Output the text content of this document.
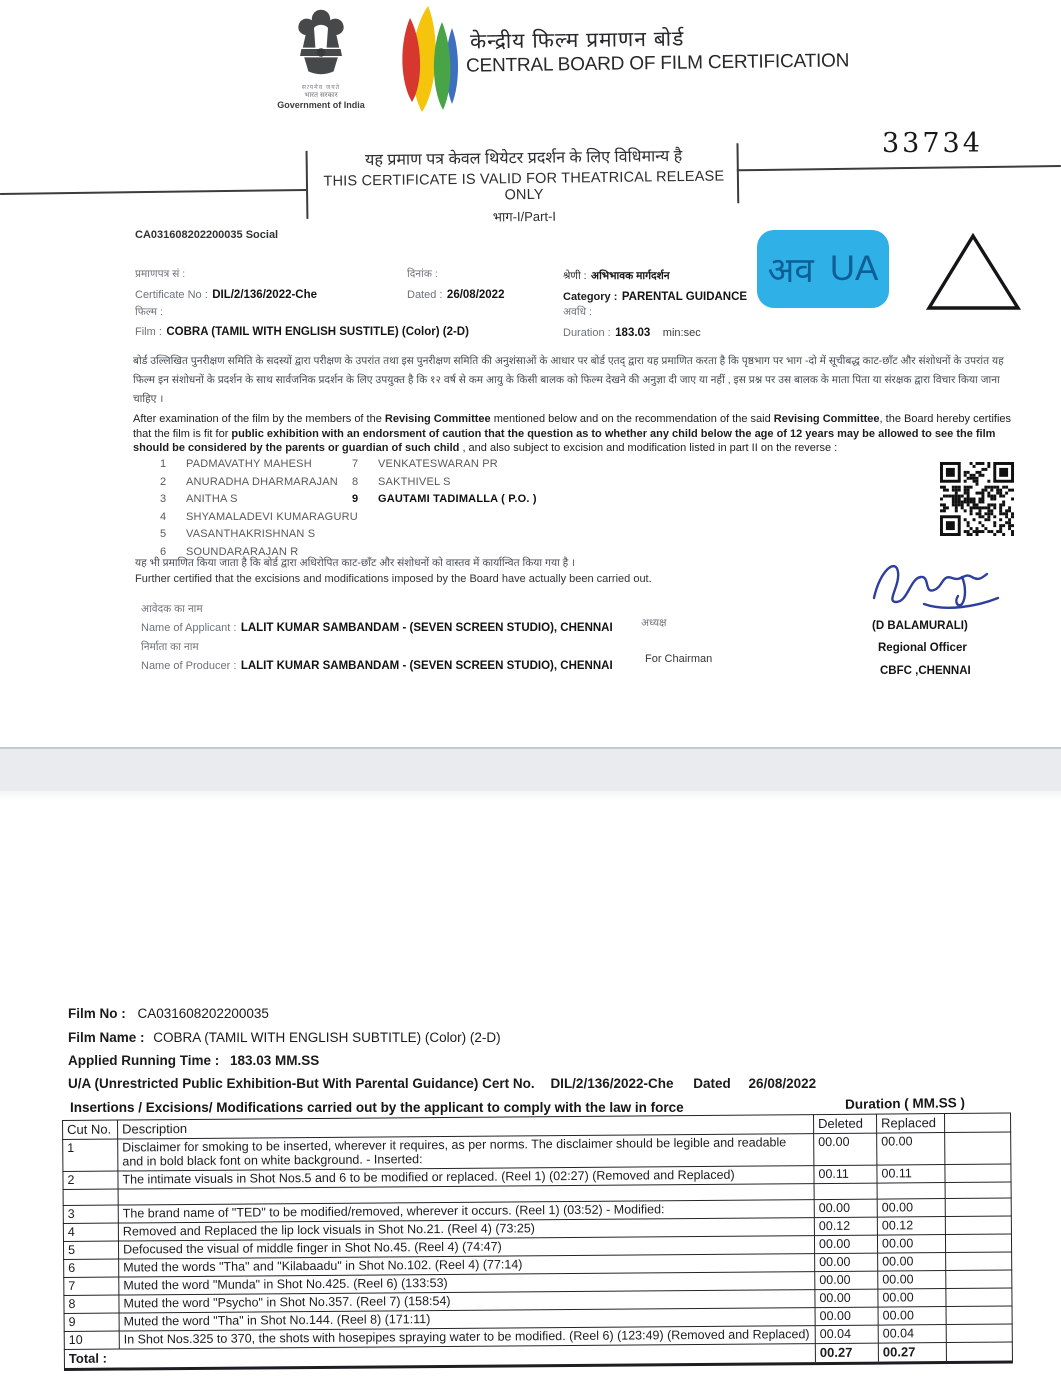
सत्यमेव जयते
भारत सरकार
Government of India
केन्द्रीय फिल्म प्रमाणन बोर्ड
CENTRAL BOARD OF FILM CERTIFICATION
33734
यह प्रमाण पत्र केवल थियेटर प्रदर्शन के लिए विधिमान्य है
THIS CERTIFICATE IS VALID FOR THEATRICAL RELEASE ONLY
भाग-I/Part-I
CA031608202200035 Social
अव UA
प्रमाणपत्र सं :
Certificate No : DIL/2/136/2022-Che
दिनांक :
Dated : 26/08/2022
श्रेणी : अभिभावक मार्गदर्शन
Category : PARENTAL GUIDANCE
फिल्म :
Film : COBRA (TAMIL WITH ENGLISH SUSTITLE) (Color) (2-D)
अवधि :
Duration : 183.03 min:sec
बोर्ड उल्लिखित पुनरीक्षण समिति के सदस्यों द्वारा परीक्षण के उपरांत तथा इस पुनरीक्षण समिति की अनुशंसाओं के आधार पर बोर्ड एतद् द्वारा यह प्रमाणित करता है कि पृष्ठभाग पर भाग -दो में सूचीबद्ध काट-छाँट और संशोधनों के उपरांत यह फिल्म इन संशोधनों के प्रदर्शन के साथ सार्वजनिक प्रदर्शन के लिए उपयुक्त है कि १२ वर्ष से कम आयु के किसी बालक को फिल्म देखने की अनुज्ञा दी जाए या नहीं , इस प्रश्न पर उस बालक के माता पिता या संरक्षक द्वारा विचार किया जाना चाहिए ।
After examination of the film by the members of the Revising Committee mentioned below and on the recommendation of the said Revising Committee, the Board hereby certifies that the film is fit for public exhibition with an endorsment of caution that the question as to whether any child below the age of 12 years may be allowed to see the film should be considered by the parents or guardian of such child , and also subject to excision and modification listed in part II on the reverse :
1	PADMAVATHY MAHESH
2	ANURADHA DHARMARAJAN
3	ANITHA S
4	SHYAMALADEVI KUMARAGURU
5	VASANTHAKRISHNAN S
6	SOUNDARARAJAN R
7	VENKATESWARAN PR
8	SAKTHIVEL S
9	GAUTAMI TADIMALLA ( P.O. )
यह भी प्रमाणित किया जाता है कि बोर्ड द्वारा अधिरोपित काट-छाँट और संशोधनों को वास्तव में कार्यान्वित किया गया है ।
Further certified that the excisions and modifications imposed by the Board have actually been carried out.
आवेदक का नाम
Name of Applicant : LALIT KUMAR SAMBANDAM - (SEVEN SCREEN STUDIO), CHENNAI	अध्यक्ष
निर्माता का नाम
Name of Producer : LALIT KUMAR SAMBANDAM - (SEVEN SCREEN STUDIO), CHENNAI
For Chairman
(D BALAMURALI)
Regional Officer
CBFC ,CHENNAI
Film No : CA031608202200035
Film Name : COBRA (TAMIL WITH ENGLISH SUBTITLE) (Color) (2-D)
Applied Running Time : 183.03 MM.SS
U/A (Unrestricted Public Exhibition-But With Parental Guidance) Cert No. DIL/2/136/2022-Che Dated 26/08/2022
Insertions / Excisions/ Modifications carried out by the applicant to comply with the law in force	Duration ( MM.SS )
Cut No.	Description	Deleted	Replaced	
1	Disclaimer for smoking to be inserted, wherever it requires, as per norms. The disclaimer should be legible and readable and in bold black font on white background. - Inserted:	00.00	00.00	
2	The intimate visuals in Shot Nos.5 and 6 to be modified or replaced. (Reel 1) (02:27) (Removed and Replaced)	00.11	00.11	

3	The brand name of "TED" to be modified/removed, wherever it occurs. (Reel 1) (03:52) - Modified:	00.00	00.00	
4	Removed and Replaced the lip lock visuals in Shot No.21. (Reel 4) (73:25)	00.12	00.12	
5	Defocused the visual of middle finger in Shot No.45. (Reel 4) (74:47)	00.00	00.00	
6	Muted the words "Tha" and "Kilabaadu" in Shot No.102. (Reel 4) (77:14)	00.00	00.00	
7	Muted the word "Munda" in Shot No.425. (Reel 6) (133:53)	00.00	00.00	
8	Muted the word "Psycho" in Shot No.357. (Reel 7) (158:54)	00.00	00.00	
9	Muted the word "Tha" in Shot No.144. (Reel 8) (171:11)	00.00	00.00	
10	In Shot Nos.325 to 370, the shots with hosepipes spraying water to be modified. (Reel 6) (123:49) (Removed and Replaced)	00.04	00.04	
Total :		00.27	00.27	
